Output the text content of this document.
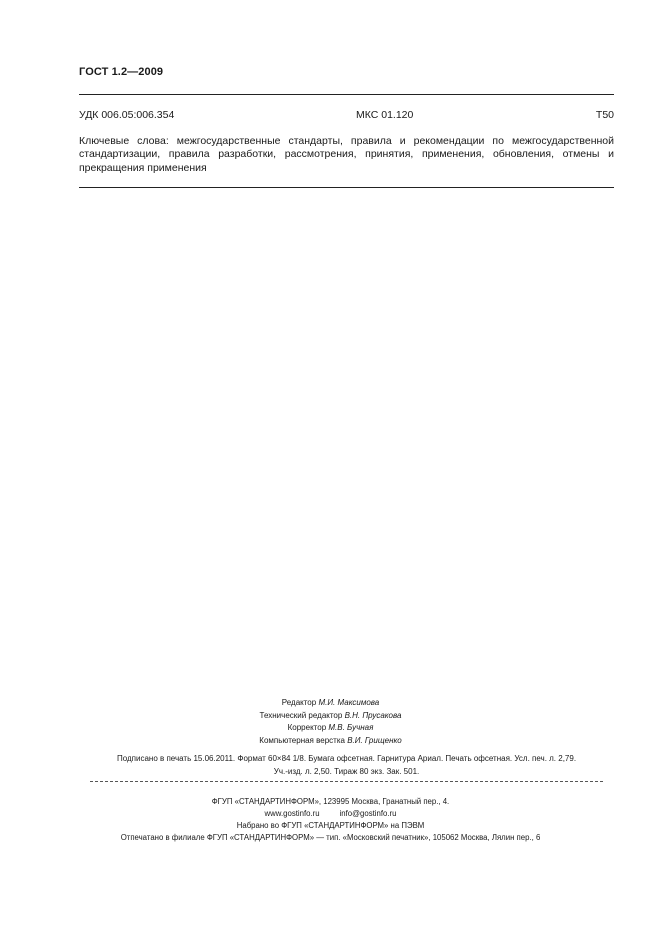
ГОСТ 1.2—2009
УДК 006.05:006.354	МКС 01.120	Т50
Ключевые слова: межгосударственные стандарты, правила и рекомендации по межгосударственной стандартизации, правила разработки, рассмотрения, принятия, применения, обновления, отмены и прекращения применения
Редактор М.И. Максимова
Технический редактор В.Н. Прусакова
Корректор М.В. Бучная
Компьютерная верстка В.И. Грищенко
Подписано в печать 15.06.2011. Формат 60×84 1/8. Бумага офсетная. Гарнитура Ариал. Печать офсетная. Усл. печ. л. 2,79.
Уч.-изд. л. 2,50. Тираж 80 экз. Зак. 501.
ФГУП «СТАНДАРТИНФОРМ», 123995 Москва, Гранатный пер., 4.
www.gostinfo.ru	info@gostinfo.ru
Набрано во ФГУП «СТАНДАРТИНФОРМ» на ПЭВМ
Отпечатано в филиале ФГУП «СТАНДАРТИНФОРМ» — тип. «Московский печатник», 105062 Москва, Лялин пер., 6
